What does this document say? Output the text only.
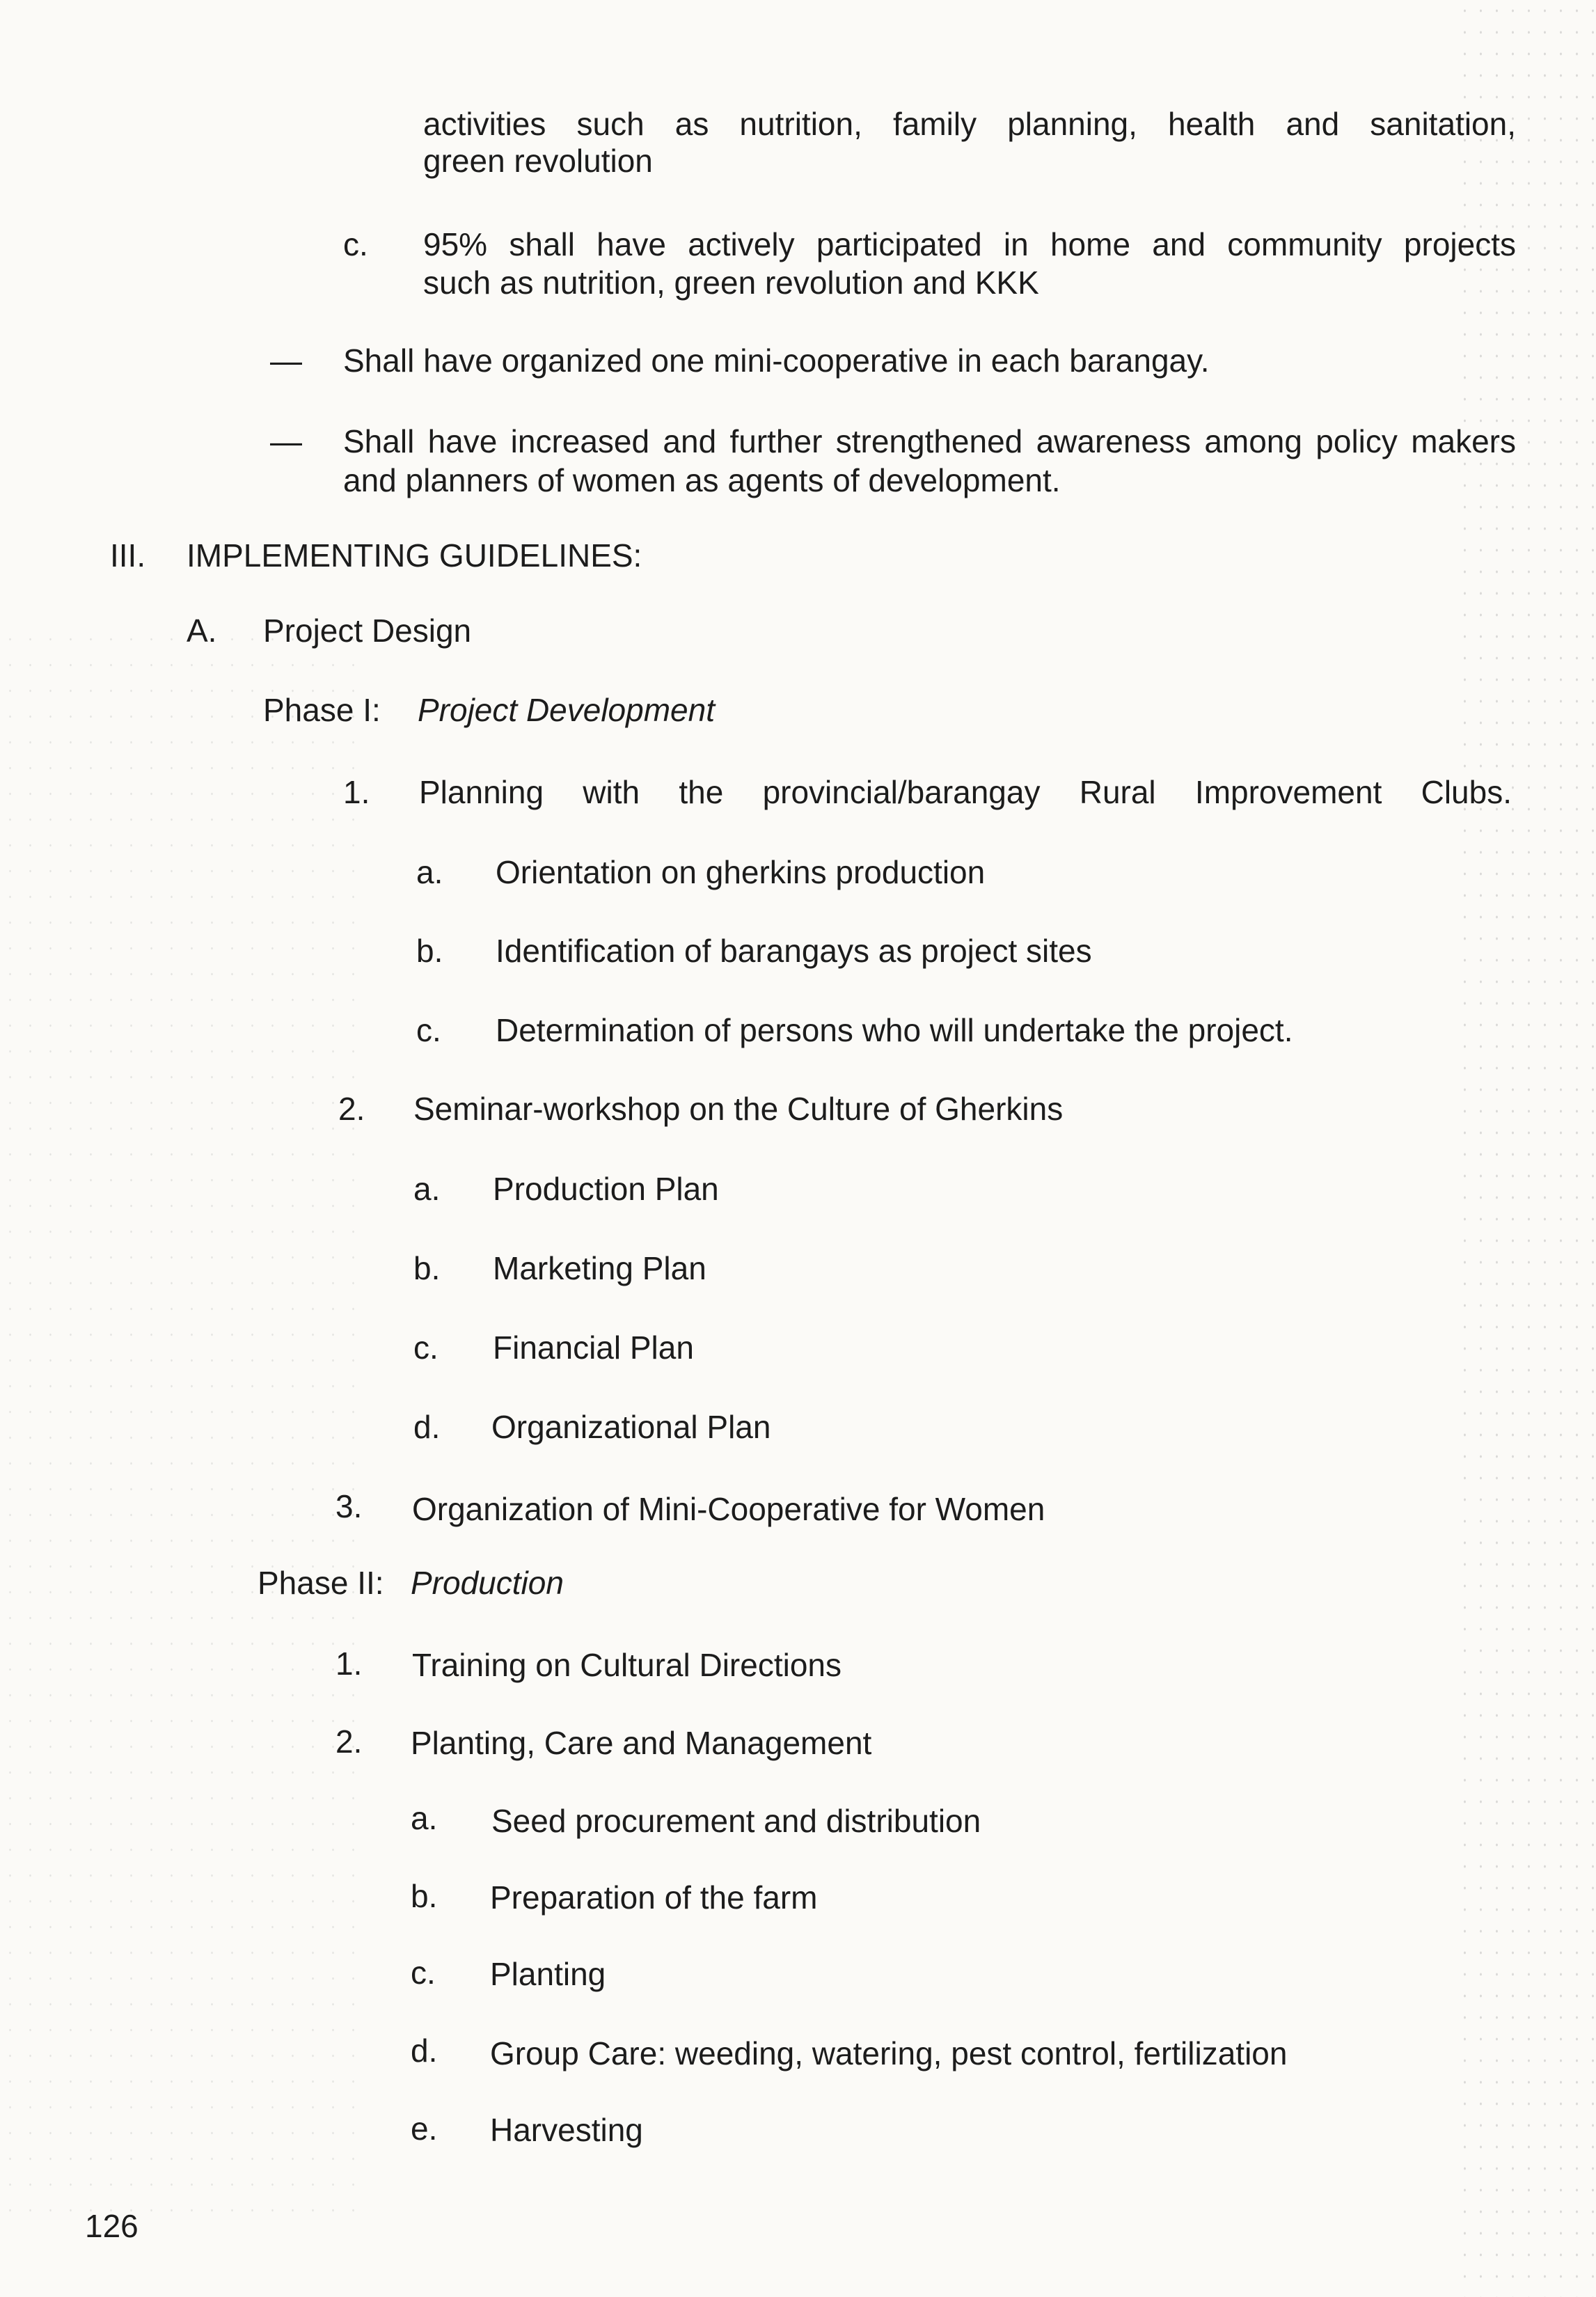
activities such as nutrition, family planning, health and sanitation,
green revolution
c. 95% shall have actively participated in home and community projects
such as nutrition, green revolution and KKK
— Shall have organized one mini-cooperative in each barangay.
— Shall have increased and further strengthened awareness among policy makers
and planners of women as agents of development.
III. IMPLEMENTING GUIDELINES:
A. Project Design
Phase I: Project Development
1. Planning with the provincial/barangay Rural Improvement Clubs.
a. Orientation on gherkins production
b. Identification of barangays as project sites
c. Determination of persons who will undertake the project.
2. Seminar-workshop on the Culture of Gherkins
a. Production Plan
b. Marketing Plan
c. Financial Plan
d. Organizational Plan
3. Organization of Mini-Cooperative for Women
Phase II: Production
1. Training on Cultural Directions
2. Planting, Care and Management
a. Seed procurement and distribution
b. Preparation of the farm
c. Planting
d. Group Care: weeding, watering, pest control, fertilization
e. Harvesting
126
